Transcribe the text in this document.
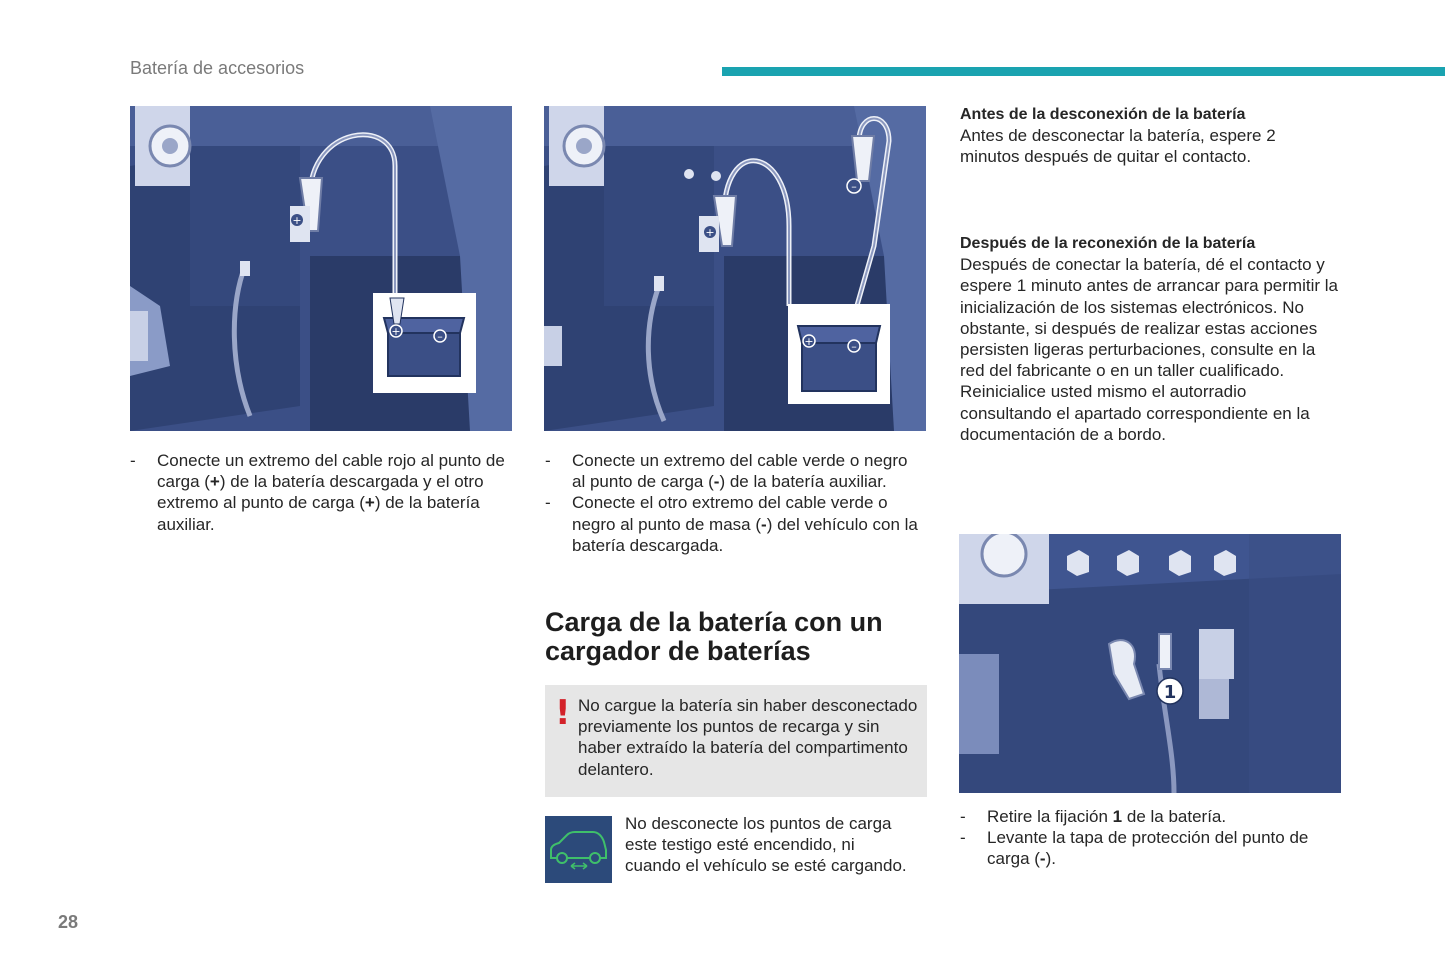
Batería de accesorios
+
+	–
+
–
+	–
1
- Conecte un extremo del cable rojo al punto de carga (+) de la batería descargada y el otro extremo al punto de carga (+) de la batería auxiliar.
- Conecte un extremo del cable verde o negro al punto de carga (-) de la batería auxiliar.
- Conecte el otro extremo del cable verde o negro al punto de masa (-) del vehículo con la batería descargada.
Carga de la batería con un cargador de baterías
! No cargue la batería sin haber desconectado previamente los puntos de recarga y sin haber extraído la batería del compartimento delantero.
No desconecte los puntos de carga este testigo esté encendido, ni cuando el vehículo se esté cargando.
Antes de la desconexión de la batería
Antes de desconectar la batería, espere 2 minutos después de quitar el contacto.
Después de la reconexión de la batería
Después de conectar la batería, dé el contacto y espere 1 minuto antes de arrancar para permitir la inicialización de los sistemas electrónicos. No obstante, si después de realizar estas acciones persisten ligeras perturbaciones, consulte en la red del fabricante o en un taller cualificado. Reinicialice usted mismo el autorradio consultando el apartado correspondiente en la documentación de a bordo.
- Retire la fijación 1 de la batería.
- Levante la tapa de protección del punto de carga (-).
28
